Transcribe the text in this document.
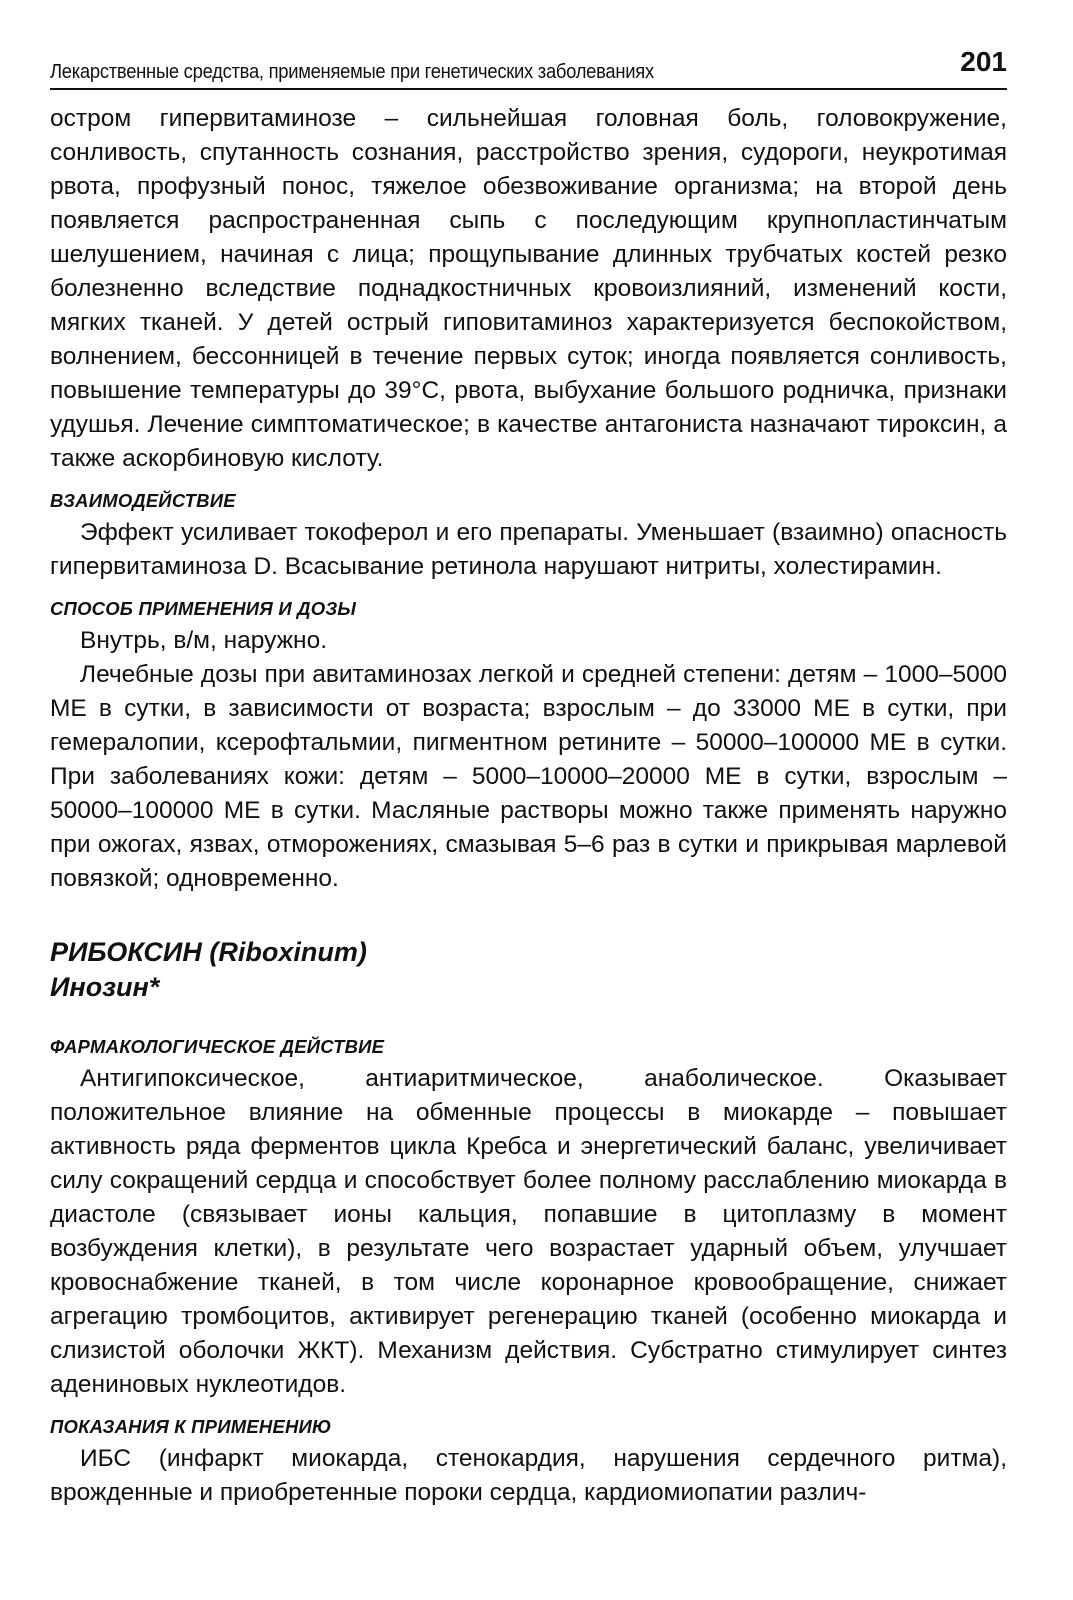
Лекарственные средства, применяемые при генетических заболеваниях	201

остром гипервитаминозе – сильнейшая головная боль, головокружение, сонливость, спутанность сознания, расстройство зрения, судороги, неукротимая рвота, профузный понос, тяжелое обезвоживание организма; на второй день появляется распространенная сыпь с последующим крупнопластинчатым шелушением, начиная с лица; прощупывание длинных трубчатых костей резко болезненно вследствие поднадкостничных кровоизлияний, изменений кости, мягких тканей. У детей острый гиповитаминоз характеризуется беспокойством, волнением, бессонницей в течение первых суток; иногда появляется сонливость, повышение температуры до 39°С, рвота, выбухание большого родничка, признаки удушья. Лечение симптоматическое; в качестве антагониста назначают тироксин, а также аскорбиновую кислоту.

ВЗАИМОДЕЙСТВИЕ

Эффект усиливает токоферол и его препараты. Уменьшает (взаимно) опасность гипервитаминоза D. Всасывание ретинола нарушают нитриты, холестирамин.

СПОСОБ ПРИМЕНЕНИЯ И ДОЗЫ

Внутрь, в/м, наружно.

Лечебные дозы при авитаминозах легкой и средней степени: детям – 1000–5000 МЕ в сутки, в зависимости от возраста; взрослым – до 33000 МЕ в сутки, при гемералопии, ксерофтальмии, пигментном ретините – 50000–100000 МЕ в сутки. При заболеваниях кожи: детям – 5000–10000–20000 МЕ в сутки, взрослым – 50000–100000 МЕ в сутки. Масляные растворы можно также применять наружно при ожогах, язвах, отморожениях, смазывая 5–6 раз в сутки и прикрывая марлевой повязкой; одновременно.

РИБОКСИН (Riboxinum)
Инозин*
ФАРМАКОЛОГИЧЕСКОЕ ДЕЙСТВИЕ

Антигипоксическое, антиаритмическое, анаболическое. Оказывает положительное влияние на обменные процессы в миокарде – повышает активность ряда ферментов цикла Кребса и энергетический баланс, увеличивает силу сокращений сердца и способствует более полному расслаблению миокарда в диастоле (связывает ионы кальция, попавшие в цитоплазму в момент возбуждения клетки), в результате чего возрастает ударный объем, улучшает кровоснабжение тканей, в том числе коронарное кровообращение, снижает агрегацию тромбоцитов, активирует регенерацию тканей (особенно миокарда и слизистой оболочки ЖКТ). Механизм действия. Субстратно стимулирует синтез адениновых нуклеотидов.

ПОКАЗАНИЯ К ПРИМЕНЕНИЮ

ИБС (инфаркт миокарда, стенокардия, нарушения сердечного ритма), врожденные и приобретенные пороки сердца, кардиомиопатии различ-
